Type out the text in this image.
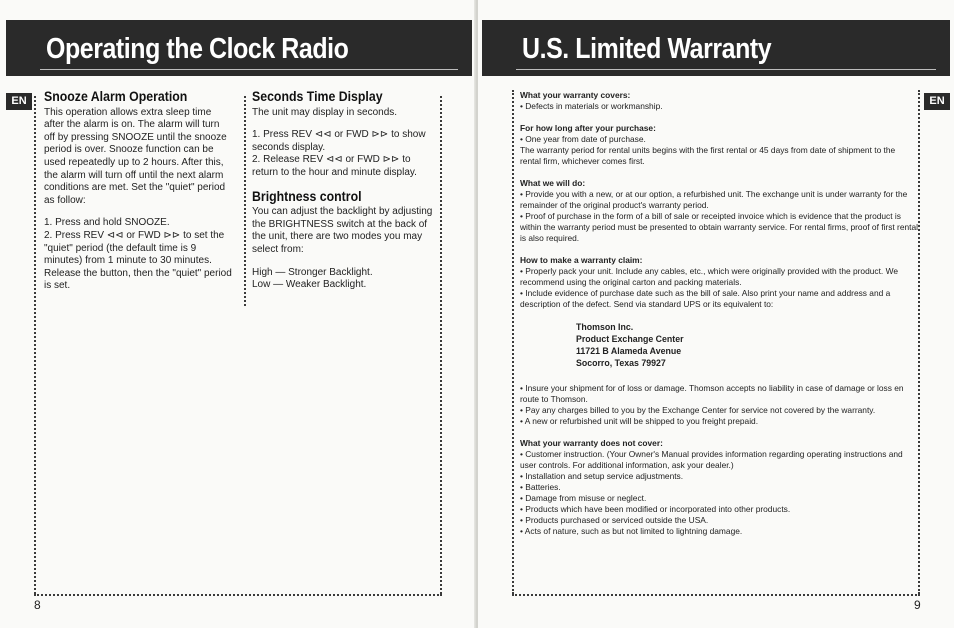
Operating the Clock Radio
EN	Snooze Alarm Operation

This operation allows extra sleep time after the alarm is on. The alarm will turn off by pressing SNOOZE until the snooze period is over. Snooze function can be used repeatedly up to 2 hours. After this, the alarm will turn off until the next alarm conditions are met. Set the "quiet" period as follow:

1. Press and hold SNOOZE.

2. Press REV ⊲⊲ or FWD ⊳⊳ to set the "quiet" period (the default time is 9 minutes) from 1 minute to 30 minutes. Release the button, then the "quiet" period is set.

Seconds Time Display

The unit may display in seconds.

1. Press REV ⊲⊲ or FWD ⊳⊳ to show seconds display.

2. Release REV ⊲⊲ or FWD ⊳⊳ to return to the hour and minute display.

Brightness control

You can adjust the backlight by adjusting the BRIGHTNESS switch at the back of the unit, there are two modes you may select from:

High — Stronger Backlight.

Low — Weaker Backlight.

8
U.S. Limited Warranty
EN
What your warranty covers:

• Defects in materials or workmanship.

For how long after your purchase:

• One year from date of purchase.

The warranty period for rental units begins with the first rental or 45 days from date of shipment to the rental firm, whichever comes first.

What we will do:

• Provide you with a new, or at our option, a refurbished unit. The exchange unit is under warranty for the remainder of the original product's warranty period.

• Proof of purchase in the form of a bill of sale or receipted invoice which is evidence that the product is within the warranty period must be presented to obtain warranty service. For rental firms, proof of first rental is also required.

How to make a warranty claim:

• Properly pack your unit. Include any cables, etc., which were originally provided with the product. We recommend using the original carton and packing materials.

• Include evidence of purchase date such as the bill of sale. Also print your name and address and a description of the defect. Send via standard UPS or its equivalent to:

Thomson Inc.

Product Exchange Center

11721 B Alameda Avenue

Socorro, Texas 79927

• Insure your shipment for of loss or damage. Thomson accepts no liability in case of damage or loss en route to Thomson.

• Pay any charges billed to you by the Exchange Center for service not covered by the warranty.

• A new or refurbished unit will be shipped to you freight prepaid.

What your warranty does not cover:

• Customer instruction. (Your Owner's Manual provides information regarding operating instructions and user controls. For additional information, ask your dealer.)

• Installation and setup service adjustments.

• Batteries.

• Damage from misuse or neglect.

• Products which have been modified or incorporated into other products.

• Products purchased or serviced outside the USA.

• Acts of nature, such as but not limited to lightning damage.

9
